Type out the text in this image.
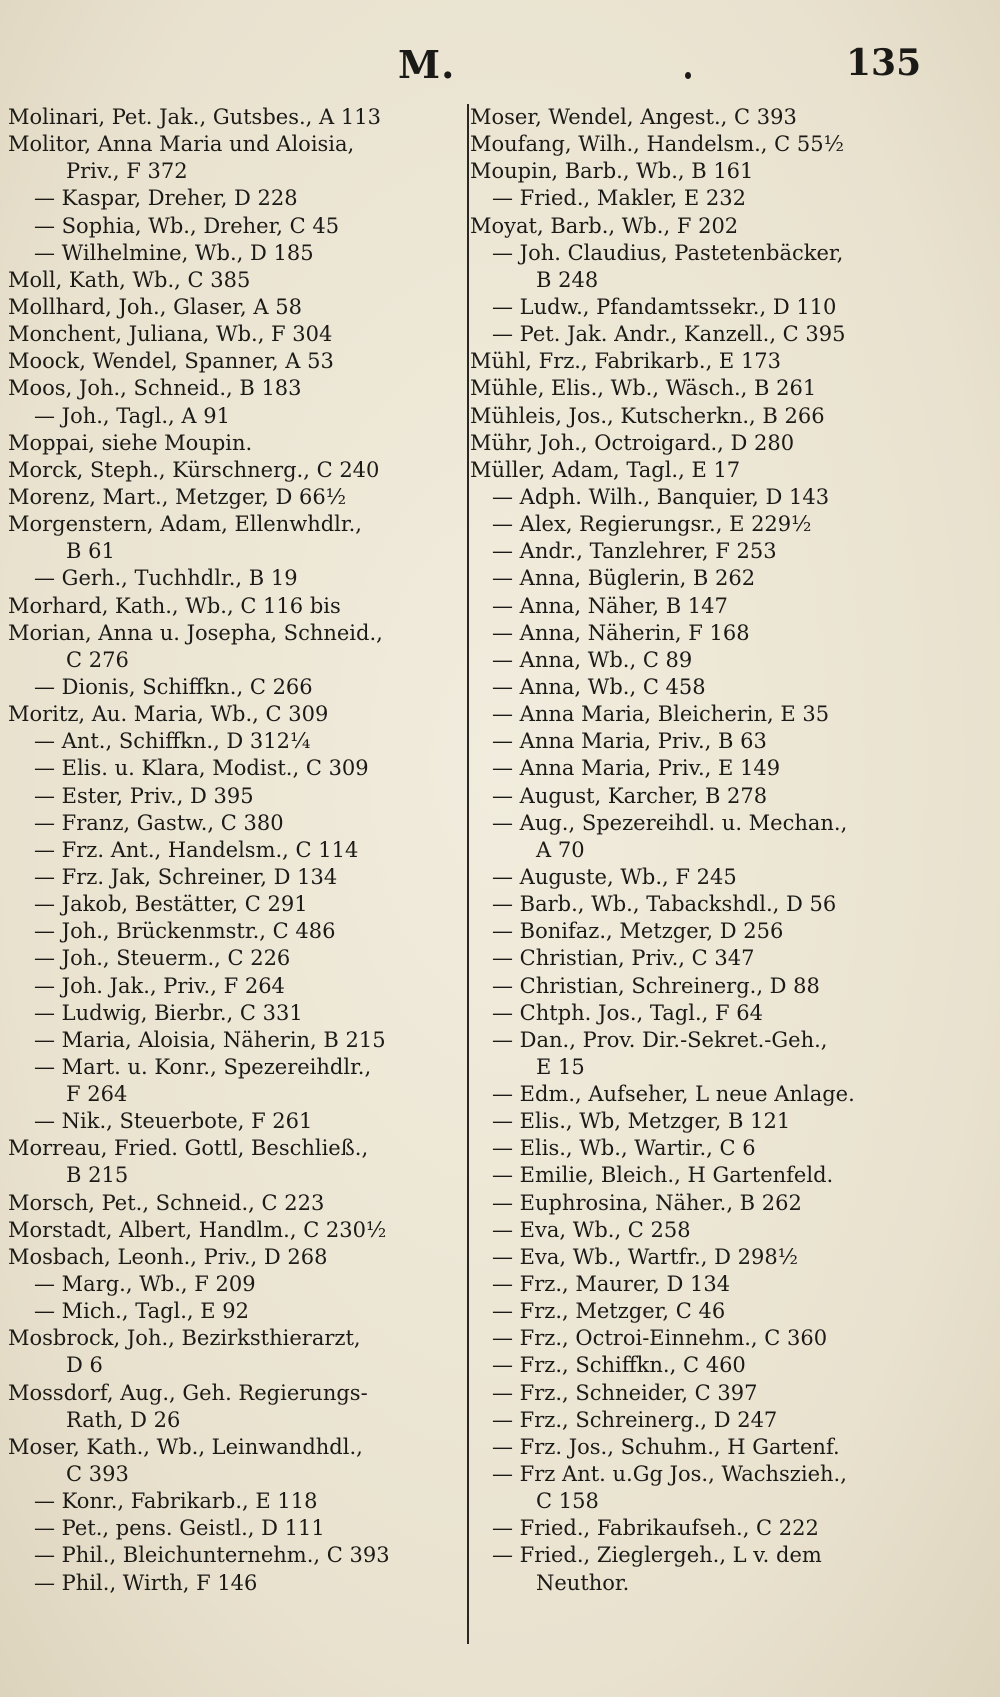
M.	135
Molinari, Pet. Jak., Gutsbes., A 113
Molitor, Anna Maria und Aloisia,
Priv., F 372
— Kaspar, Dreher, D 228
— Sophia, Wb., Dreher, C 45
— Wilhelmine, Wb., D 185
Moll, Kath, Wb., C 385
Mollhard, Joh., Glaser, A 58
Monchent, Juliana, Wb., F 304
Moock, Wendel, Spanner, A 53
Moos, Joh., Schneid., B 183
— Joh., Tagl., A 91
Moppai, siehe Moupin.
Morck, Steph., Kürschnerg., C 240
Morenz, Mart., Metzger, D 66½
Morgenstern, Adam, Ellenwhdlr.,
B 61
— Gerh., Tuchhdlr., B 19
Morhard, Kath., Wb., C 116 bis
Morian, Anna u. Josepha, Schneid.,
C 276
— Dionis, Schiffkn., C 266
Moritz, Au. Maria, Wb., C 309
— Ant., Schiffkn., D 312¼
— Elis. u. Klara, Modist., C 309
— Ester, Priv., D 395
— Franz, Gastw., C 380
— Frz. Ant., Handelsm., C 114
— Frz. Jak, Schreiner, D 134
— Jakob, Bestätter, C 291
— Joh., Brückenmstr., C 486
— Joh., Steuerm., C 226
— Joh. Jak., Priv., F 264
— Ludwig, Bierbr., C 331
— Maria, Aloisia, Näherin, B 215
— Mart. u. Konr., Spezereihdlr.,
F 264
— Nik., Steuerbote, F 261
Morreau, Fried. Gottl, Beschließ.,
B 215
Morsch, Pet., Schneid., C 223
Morstadt, Albert, Handlm., C 230½
Mosbach, Leonh., Priv., D 268
— Marg., Wb., F 209
— Mich., Tagl., E 92
Mosbrock, Joh., Bezirksthierarzt,
D 6
Mossdorf, Aug., Geh. Regierungs-
Rath, D 26
Moser, Kath., Wb., Leinwandhdl.,
C 393
— Konr., Fabrikarb., E 118
— Pet., pens. Geistl., D 111
— Phil., Bleichunternehm., C 393
— Phil., Wirth, F 146
Moser, Wendel, Angest., C 393
Moufang, Wilh., Handelsm., C 55½
Moupin, Barb., Wb., B 161
— Fried., Makler, E 232
Moyat, Barb., Wb., F 202
— Joh. Claudius, Pastetenbäcker,
B 248
— Ludw., Pfandamtssekr., D 110
— Pet. Jak. Andr., Kanzell., C 395
Mühl, Frz., Fabrikarb., E 173
Mühle, Elis., Wb., Wäsch., B 261
Mühleis, Jos., Kutscherkn., B 266
Mühr, Joh., Octroigard., D 280
Müller, Adam, Tagl., E 17
— Adph. Wilh., Banquier, D 143
— Alex, Regierungsr., E 229½
— Andr., Tanzlehrer, F 253
— Anna, Büglerin, B 262
— Anna, Näher, B 147
— Anna, Näherin, F 168
— Anna, Wb., C 89
— Anna, Wb., C 458
— Anna Maria, Bleicherin, E 35
— Anna Maria, Priv., B 63
— Anna Maria, Priv., E 149
— August, Karcher, B 278
— Aug., Spezereihdl. u. Mechan.,
A 70
— Auguste, Wb., F 245
— Barb., Wb., Tabackshdl., D 56
— Bonifaz., Metzger, D 256
— Christian, Priv., C 347
— Christian, Schreinerg., D 88
— Chtph. Jos., Tagl., F 64
— Dan., Prov. Dir.-Sekret.-Geh.,
E 15
— Edm., Aufseher, L neue Anlage.
— Elis., Wb, Metzger, B 121
— Elis., Wb., Wartir., C 6
— Emilie, Bleich., H Gartenfeld.
— Euphrosina, Näher., B 262
— Eva, Wb., C 258
— Eva, Wb., Wartfr., D 298½
— Frz., Maurer, D 134
— Frz., Metzger, C 46
— Frz., Octroi-Einnehm., C 360
— Frz., Schiffkn., C 460
— Frz., Schneider, C 397
— Frz., Schreinerg., D 247
— Frz. Jos., Schuhm., H Gartenf.
— Frz Ant. u.Gg Jos., Wachszieh.,
C 158
— Fried., Fabrikaufseh., C 222
— Fried., Zieglergeh., L v. dem
Neuthor.
